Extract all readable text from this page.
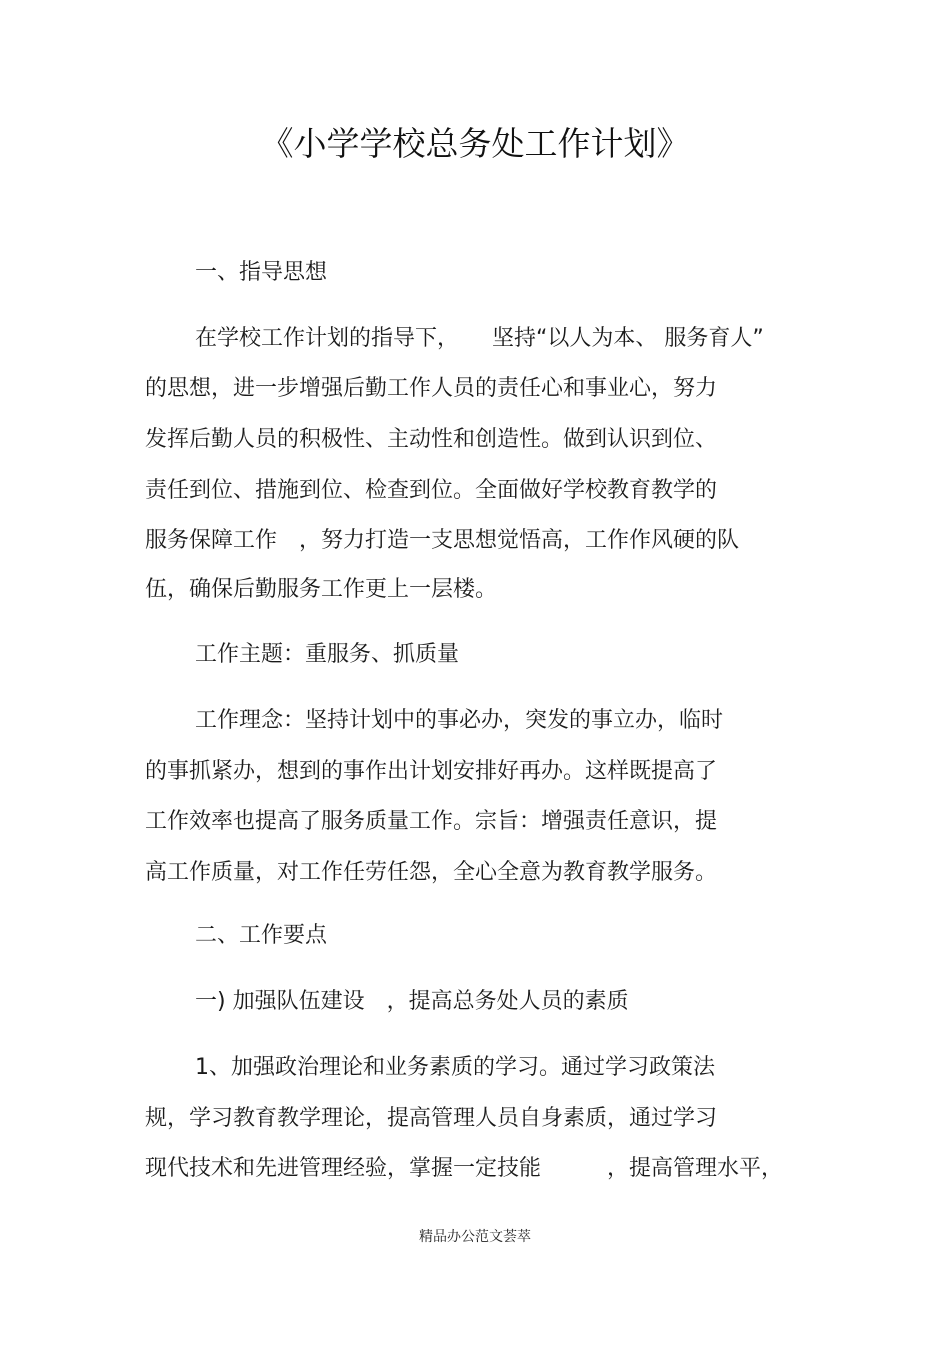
《小学学校总务处工作计划》
一、指导思想
在学校工作计划的指导下，　　坚持“以人为本、 服务育人”
的思想，进一步增强后勤工作人员的责任心和事业心，努力
发挥后勤人员的积极性、主动性和创造性。做到认识到位、
责任到位、措施到位、检查到位。全面做好学校教育教学的
服务保障工作　，努力打造一支思想觉悟高，工作作风硬的队
伍，确保后勤服务工作更上一层楼。
工作主题：重服务、抓质量
工作理念：坚持计划中的事必办，突发的事立办，临时
的事抓紧办，想到的事作出计划安排好再办。这样既提高了
工作效率也提高了服务质量工作。宗旨：增强责任意识，提
高工作质量，对工作任劳任怨，全心全意为教育教学服务。
二、工作要点
一) 加强队伍建设　，提高总务处人员的素质
1、加强政治理论和业务素质的学习。通过学习政策法
规，学习教育教学理论，提高管理人员自身素质，通过学习
现代技术和先进管理经验，掌握一定技能　　　，提高管理水平，
精品办公范文荟萃
